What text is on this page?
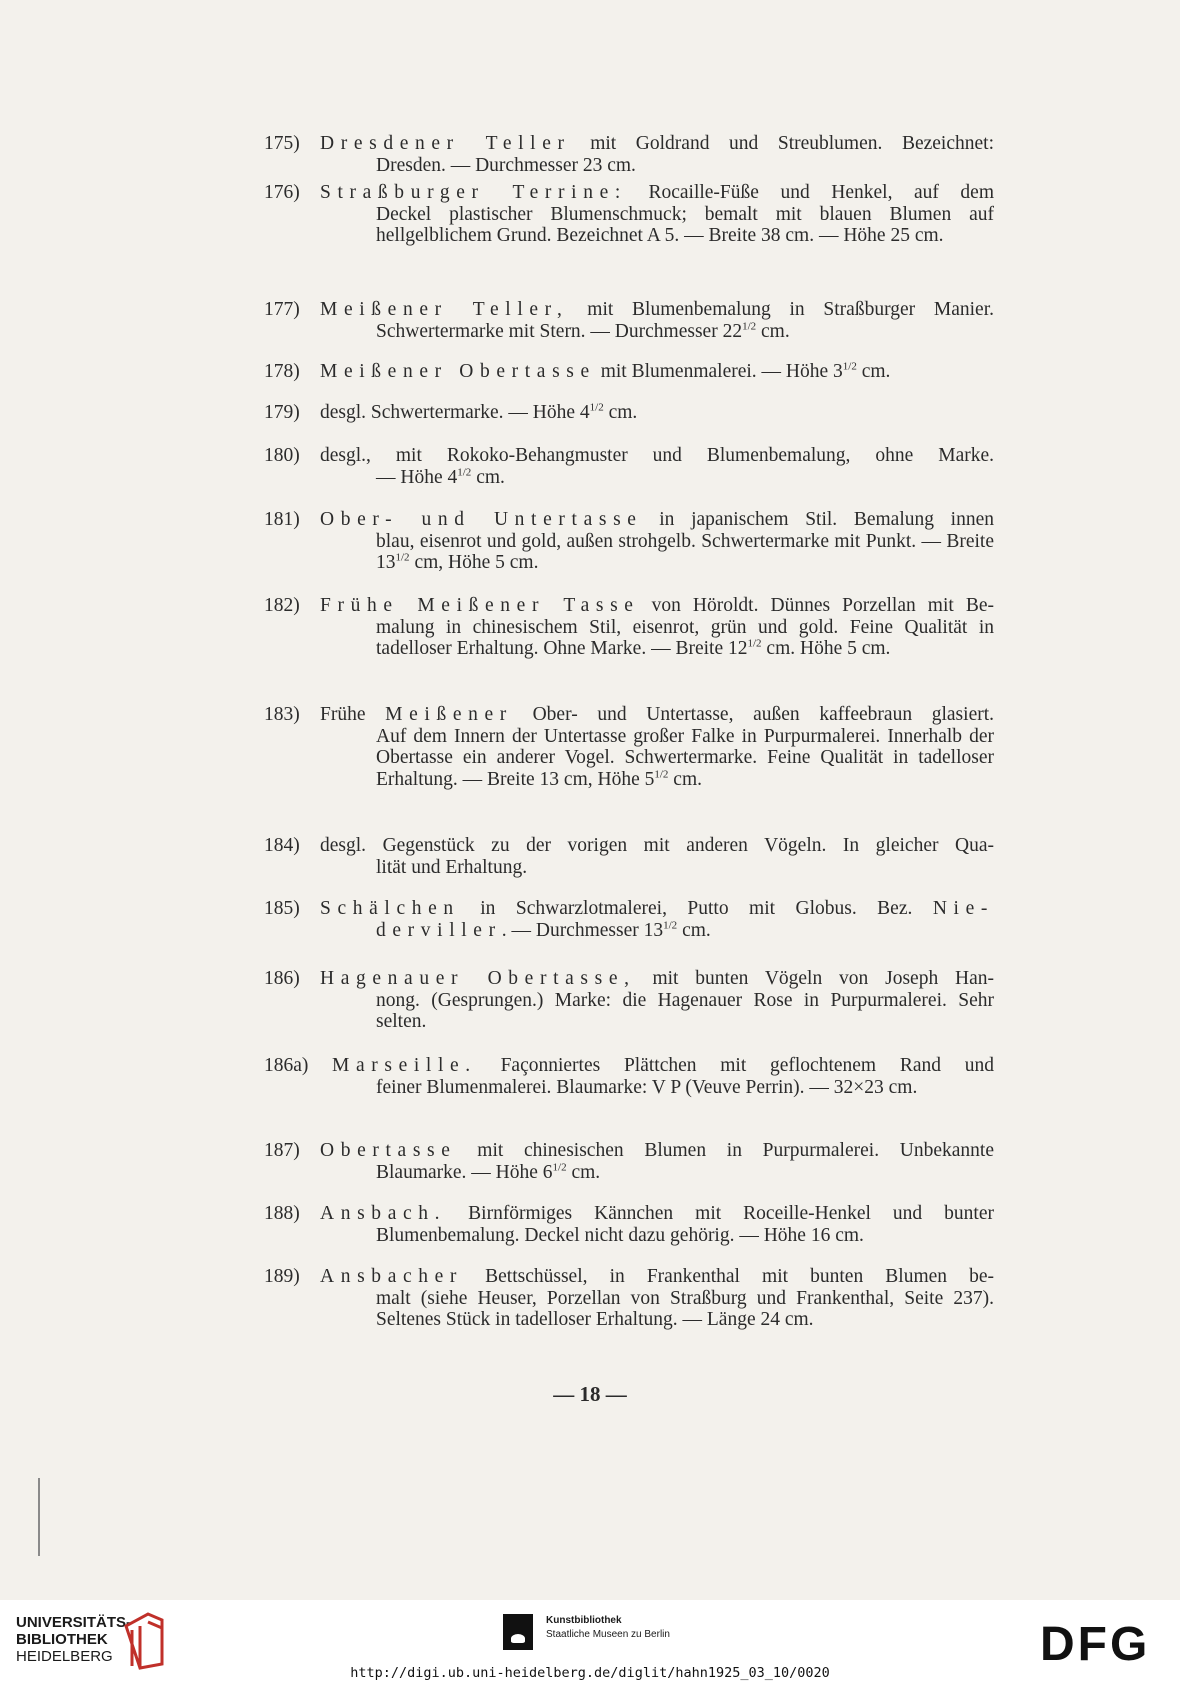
175)	Dresdener Teller mit Goldrand und Streublumen. Bezeichnet:
Dresden. — Durchmesser 23 cm.
176)	Straßburger Terrine: Rocaille-Füße und Henkel, auf dem
Deckel plastischer Blumenschmuck; bemalt mit blauen Blumen auf hellgelblichem Grund. Bezeichnet A 5. — Breite 38 cm. — Höhe 25 cm.
177)	Meißener Teller, mit Blumenbemalung in Straßburger Manier.
Schwertermarke mit Stern. — Durchmesser $22^{1/2}$ cm.
178)	Meißener Obertasse mit Blumenmalerei. — Höhe $3^{1/2}$ cm.
179)	desgl. Schwertermarke. — Höhe $4^{1/2}$ cm.
180)	desgl., mit Rokoko-Behangmuster und Blumenbemalung, ohne Marke.
— Höhe $4^{1/2}$ cm.
181)	Ober- und Untertasse in japanischem Stil. Bemalung innen
blau, eisenrot und gold, außen strohgelb. Schwertermarke mit Punkt. — Breite $13^{1/2}$ cm, Höhe 5 cm.
182)	Frühe Meißener Tasse von Höroldt. Dünnes Porzellan mit Be-
malung in chinesischem Stil, eisenrot, grün und gold. Feine Qualität in tadelloser Erhaltung. Ohne Marke. — Breite $12^{1/2}$ cm. Höhe 5 cm.
183)	Frühe Meißener Ober- und Untertasse, außen kaffeebraun glasiert.
Auf dem Innern der Untertasse großer Falke in Purpurmalerei. Innerhalb der Obertasse ein anderer Vogel. Schwertermarke. Feine Qualität in tadelloser Erhaltung. — Breite 13 cm, Höhe $5^{1/2}$ cm.
184)	desgl. Gegenstück zu der vorigen mit anderen Vögeln. In gleicher Qua-
lität und Erhaltung.
185)	Schälchen in Schwarzlotmalerei, Putto mit Globus. Bez. Nie-
derviller. — Durchmesser $13^{1/2}$ cm.
186)	Hagenauer Obertasse, mit bunten Vögeln von Joseph Han-
nong. (Gesprungen.) Marke: die Hagenauer Rose in Purpurmalerei. Sehr selten.
186a)	Marseille. Façonniertes Plättchen mit geflochtenem Rand und
feiner Blumenmalerei. Blaumarke: V P (Veuve Perrin). — 32×23 cm.
187)	Obertasse mit chinesischen Blumen in Purpurmalerei. Unbekannte
Blaumarke. — Höhe $6^{1/2}$ cm.
188)	Ansbach. Birnförmiges Kännchen mit Roceille-Henkel und bunter
Blumenbemalung. Deckel nicht dazu gehörig. — Höhe 16 cm.
189)	Ansbacher Bettschüssel, in Frankenthal mit bunten Blumen be-
malt (siehe Heuser, Porzellan von Straßburg und Frankenthal, Seite 237). Seltenes Stück in tadelloser Erhaltung. — Länge 24 cm.
— 18 —
UNIVERSITÄTS-
BIBLIOTHEK
HEIDELBERG
Kunstbibliothek
Staatliche Museen zu Berlin	DFG
http://digi.ub.uni-heidelberg.de/diglit/hahn1925_03_10/0020
